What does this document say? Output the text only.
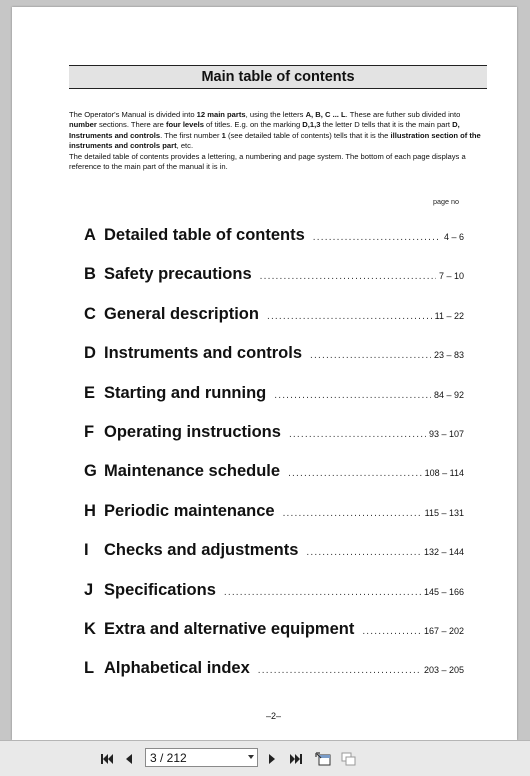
Main table of contents

The Operator's Manual is divided into 12 main parts, using the letters A, B, C ... L. These are futher sub divided into number sections. There are four levels of titles. E.g. on the marking D,1,3 the letter D tells that it is the main part D, Instruments and controls. The first number 1 (see detailed table of contents) tells that it is the illustration section of the instruments and controls part, etc.
The detailed table of contents provides a lettering, a numbering and page system. The bottom of each page displays a reference to the main part of the manual it is in.

page no
A Detailed table of contents .....	4 – 6
B Safety precautions .....	7 – 10
C General description .....	11 – 22
D Instruments and controls .....	23 – 83
E Starting and running .....	84 – 92
F Operating instructions .....	93 – 107
G Maintenance schedule .....	108 – 114
H Periodic maintenance .....	115 – 131
I Checks and adjustments .....	132 – 144
J Specifications .....	145 – 166
K Extra and alternative equipment .....	167 – 202
L Alphabetical index .....	203 – 205
–2–
3 / 212
